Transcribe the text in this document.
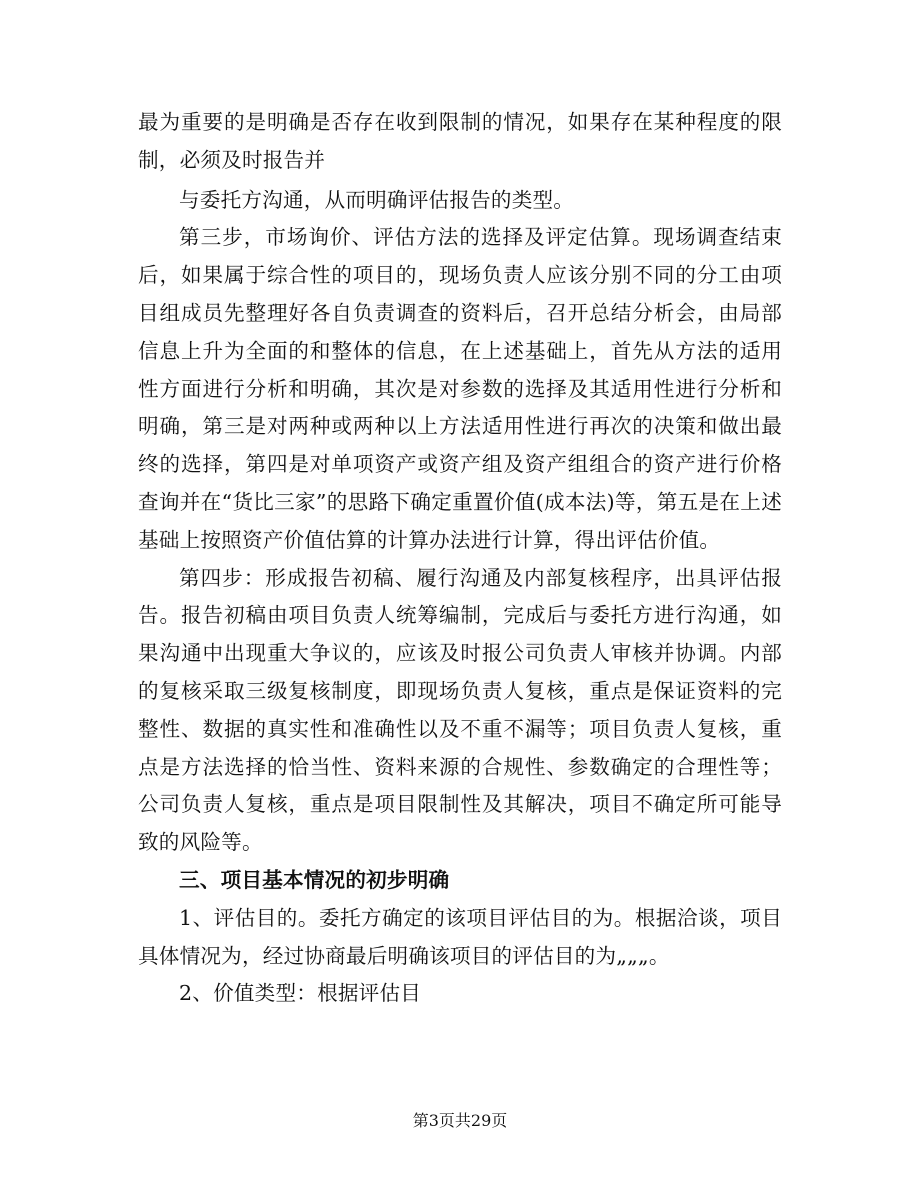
最为重要的是明确是否存在收到限制的情况，如果存在某种程度的限制，必须及时报告并

与委托方沟通，从而明确评估报告的类型。

第三步，市场询价、评估方法的选择及评定估算。现场调查结束后，如果属于综合性的项目的，现场负责人应该分别不同的分工由项目组成员先整理好各自负责调查的资料后，召开总结分析会，由局部信息上升为全面的和整体的信息，在上述基础上，首先从方法的适用性方面进行分析和明确，其次是对参数的选择及其适用性进行分析和明确，第三是对两种或两种以上方法适用性进行再次的决策和做出最终的选择，第四是对单项资产或资产组及资产组组合的资产进行价格查询并在“货比三家”的思路下确定重置价值(成本法)等，第五是在上述基础上按照资产价值估算的计算办法进行计算，得出评估价值。

第四步：形成报告初稿、履行沟通及内部复核程序，出具评估报告。报告初稿由项目负责人统筹编制，完成后与委托方进行沟通，如果沟通中出现重大争议的，应该及时报公司负责人审核并协调。内部的复核采取三级复核制度，即现场负责人复核，重点是保证资料的完整性、数据的真实性和准确性以及不重不漏等；项目负责人复核，重点是方法选择的恰当性、资料来源的合规性、参数确定的合理性等；公司负责人复核，重点是项目限制性及其解决，项目不确定所可能导致的风险等。

三、项目基本情况的初步明确

1、评估目的。委托方确定的该项目评估目的为。根据洽谈，项目具体情况为，经过协商最后明确该项目的评估目的为„„„。

2、价值类型：根据评估目

第3页共29页
